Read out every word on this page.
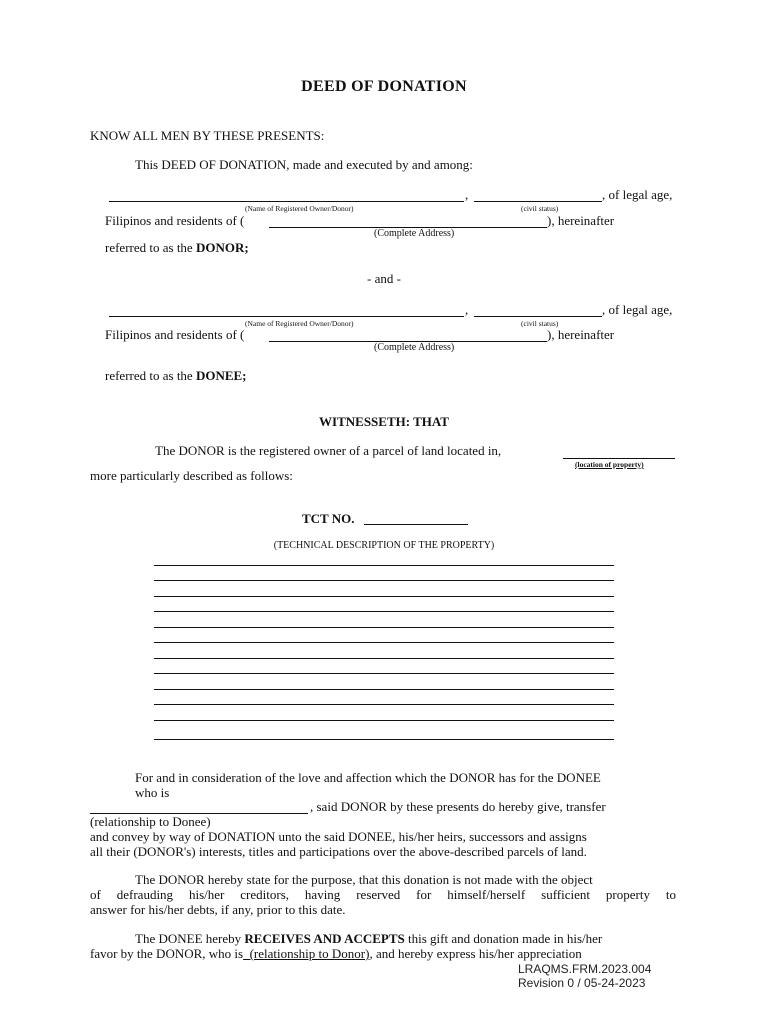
DEED OF DONATION
KNOW ALL MEN BY THESE PRESENTS:
This DEED OF DONATION, made and executed by and among:
,	, of legal age,
(Name of Registered Owner/Donor)	(civil status)
Filipinos and residents of (	), hereinafter
(Complete Address)
referred to as the DONOR;
- and -
,	, of legal age,
(Name of Registered Owner/Donor)	(civil status)
Filipinos and residents of (	), hereinafter
(Complete Address)
referred to as the DONEE;
WITNESSETH: THAT
The DONOR is the registered owner of a parcel of land located in,
(location of property)
more particularly described as follows:
TCT NO.
(TECHNICAL DESCRIPTION OF THE PROPERTY)
For and in consideration of the love and affection which the DONOR has for the DONEE
who is
, said DONOR by these presents do hereby give, transfer
(relationship to Donee)
and convey by way of DONATION unto the said DONEE, his/her heirs, successors and assigns
all their (DONOR's) interests, titles and participations over the above-described parcels of land.
The DONOR hereby state for the purpose, that this donation is not made with the object
of defrauding his/her creditors, having reserved for himself/herself sufficient property to
answer for his/her debts, if any, prior to this date.
The DONEE hereby RECEIVES AND ACCEPTS this gift and donation made in his/her
favor by the DONOR, who is  (relationship to Donor), and hereby express his/her appreciation
LRAQMS.FRM.2023.004
Revision 0 / 05-24-2023
